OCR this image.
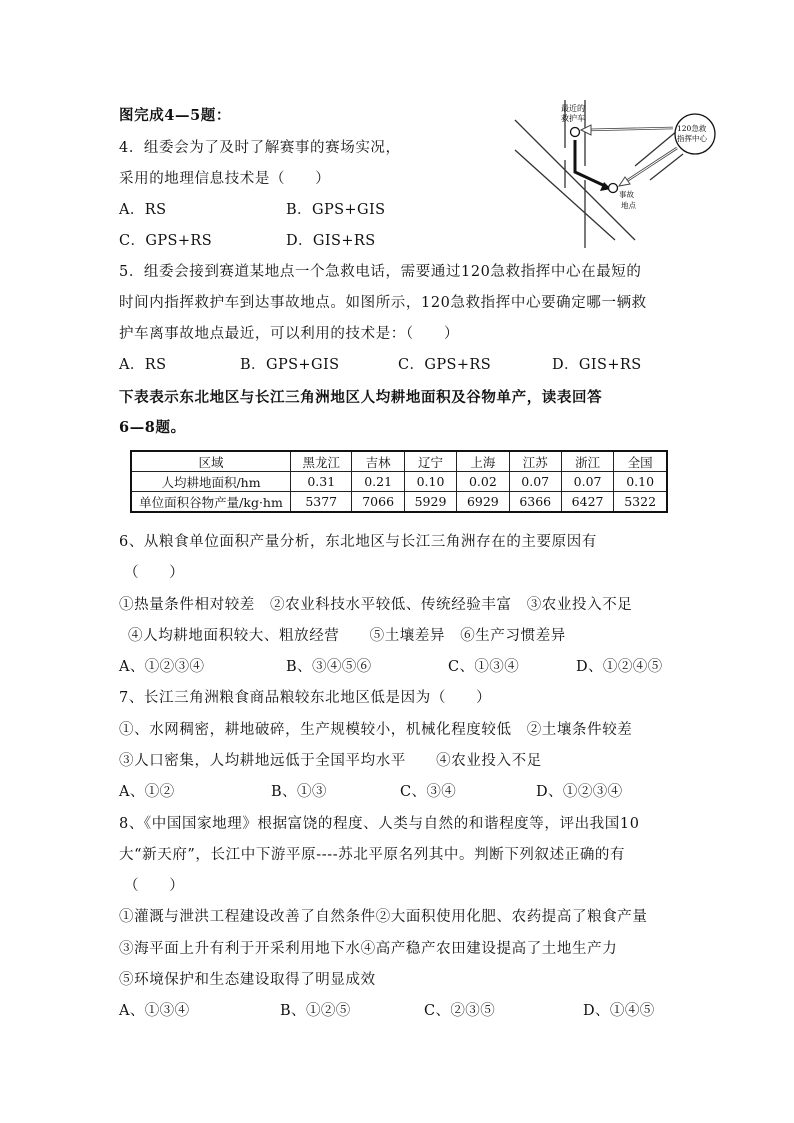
图完成4—5题：
4．组委会为了及时了解赛事的赛场实况，
采用的地理信息技术是（　　）
A．RS	B．GPS+GIS
C．GPS+RS	D．GIS+RS
最近的
救护车
事故
地点
120急救
指挥中心
5．组委会接到赛道某地点一个急救电话，需要通过120急救指挥中心在最短的
时间内指挥救护车到达事故地点。如图所示，120急救指挥中心要确定哪一辆救
护车离事故地点最近，可以利用的技术是：（　　）
A．RS	B．GPS+GIS	C．GPS+RS	D．GIS+RS
下表表示东北地区与长江三角洲地区人均耕地面积及谷物单产，读表回答
6—8题。
区域	黑龙江	吉林	辽宁	上海	江苏	浙江	全国
人均耕地面积/hm	0.31	0.21	0.10	0.02	0.07	0.07	0.10
单位面积谷物产量/kg·hm	5377	7066	5929	6929	6366	6427	5322
6、从粮食单位面积产量分析，东北地区与长江三角洲存在的主要原因有
（　　）
①热量条件相对较差　②农业科技水平较低、传统经验丰富　③农业投入不足
④人均耕地面积较大、粗放经营　　⑤土壤差异　⑥生产习惯差异
A、①②③④	B、③④⑤⑥	C、①③④	D、①②④⑤
7、长江三角洲粮食商品粮较东北地区低是因为（　　）
①、水网稠密，耕地破碎，生产规模较小，机械化程度较低　②土壤条件较差
③人口密集，人均耕地远低于全国平均水平　　④农业投入不足
A、①②	B、①③	C、③④	D、①②③④
8、《中国国家地理》根据富饶的程度、人类与自然的和谐程度等，评出我国10
大“新天府”，长江中下游平原----苏北平原名列其中。判断下列叙述正确的有
（　　）
①灌溉与泄洪工程建设改善了自然条件②大面积使用化肥、农药提高了粮食产量
③海平面上升有利于开采利用地下水④高产稳产农田建设提高了土地生产力
⑤环境保护和生态建设取得了明显成效
A、①③④	B、①②⑤	C、②③⑤	D、①④⑤
